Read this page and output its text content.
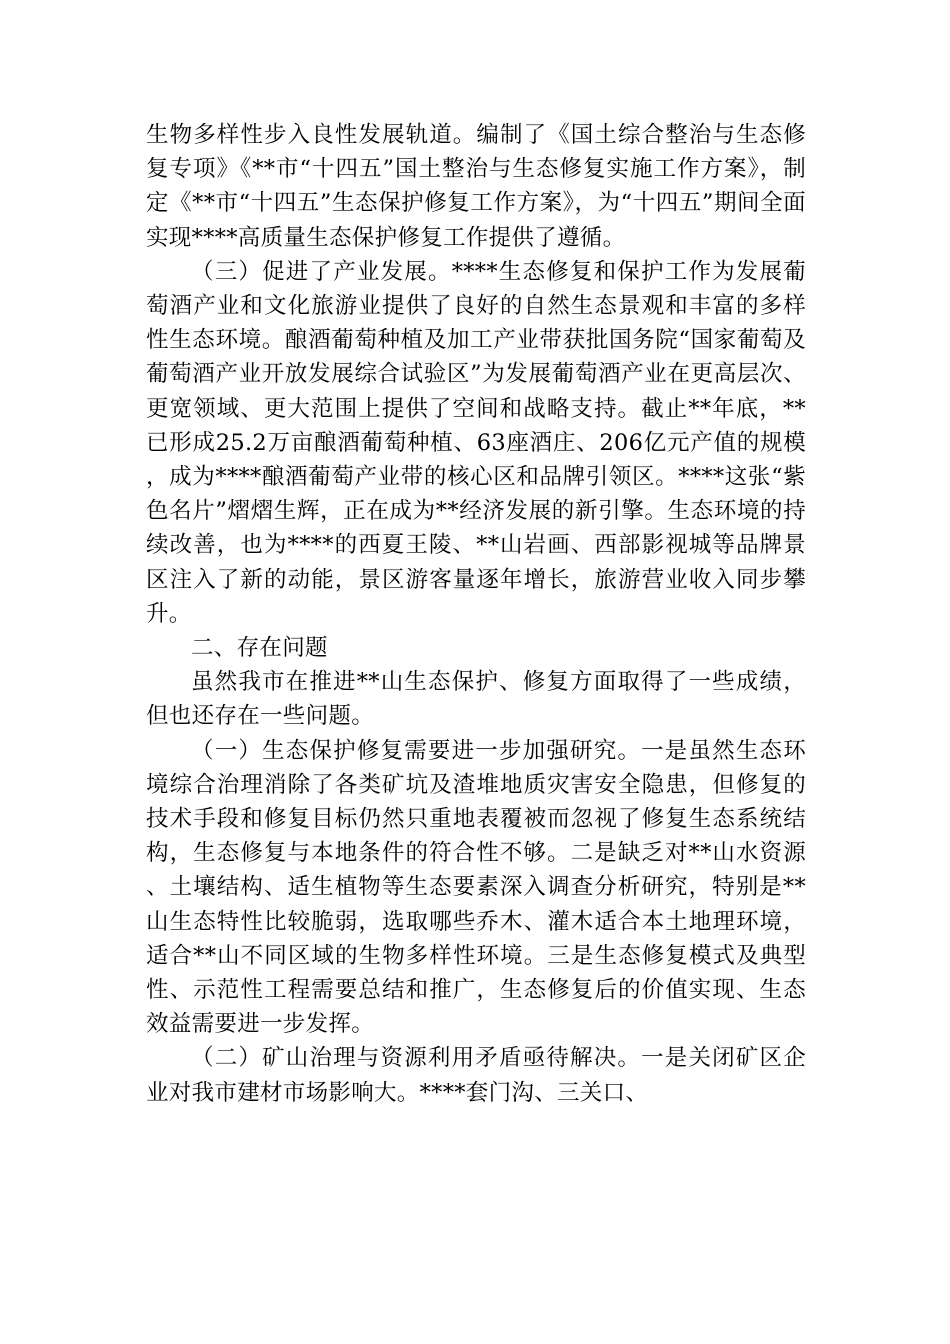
生物多样性步入良性发展轨道。编制了《国土综合整治与生态修复专项》《**市“十四五”国土整治与生态修复实施工作方案》，制定《**市“十四五”生态保护修复工作方案》，为“十四五”期间全面实现****高质量生态保护修复工作提供了遵循。

（三）促进了产业发展。****生态修复和保护工作为发展葡萄酒产业和文化旅游业提供了良好的自然生态景观和丰富的多样性生态环境。酿酒葡萄种植及加工产业带获批国务院“国家葡萄及葡萄酒产业开放发展综合试验区”为发展葡萄酒产业在更高层次、更宽领域、更大范围上提供了空间和战略支持。截止**年底，**已形成25.2万亩酿酒葡萄种植、63座酒庄、206亿元产值的规模，成为****酿酒葡萄产业带的核心区和品牌引领区。****这张“紫色名片”熠熠生辉，正在成为**经济发展的新引擎。生态环境的持续改善，也为****的西夏王陵、**山岩画、西部影视城等品牌景区注入了新的动能，景区游客量逐年增长，旅游营业收入同步攀升。

二、存在问题

虽然我市在推进**山生态保护、修复方面取得了一些成绩，但也还存在一些问题。

（一）生态保护修复需要进一步加强研究。一是虽然生态环境综合治理消除了各类矿坑及渣堆地质灾害安全隐患，但修复的技术手段和修复目标仍然只重地表覆被而忽视了修复生态系统结构，生态修复与本地条件的符合性不够。二是缺乏对**山水资源、土壤结构、适生植物等生态要素深入调查分析研究，特别是**山生态特性比较脆弱，选取哪些乔木、灌木适合本土地理环境，适合**山不同区域的生物多样性环境。三是生态修复模式及典型性、示范性工程需要总结和推广，生态修复后的价值实现、生态效益需要进一步发挥。

（二）矿山治理与资源利用矛盾亟待解决。一是关闭矿区企业对我市建材市场影响大。****套门沟、三关口、
